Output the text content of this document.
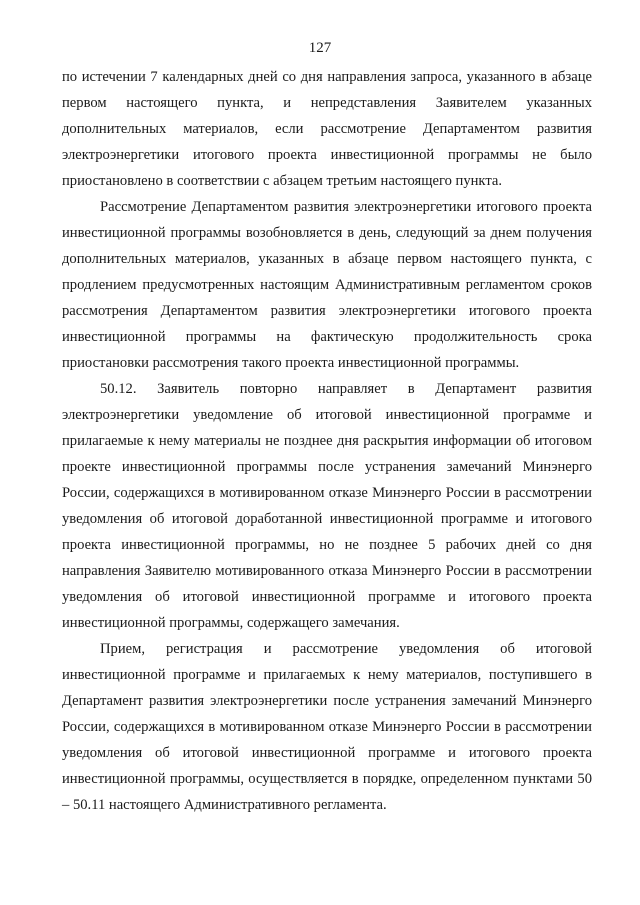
127

по истечении 7 календарных дней со дня направления запроса, указанного в абзаце первом настоящего пункта, и непредставления Заявителем указанных дополнительных материалов, если рассмотрение Департаментом развития электроэнергетики итогового проекта инвестиционной программы не было приостановлено в соответствии с абзацем третьим настоящего пункта.

Рассмотрение Департаментом развития электроэнергетики итогового проекта инвестиционной программы возобновляется в день, следующий за днем получения дополнительных материалов, указанных в абзаце первом настоящего пункта, с продлением предусмотренных настоящим Административным регламентом сроков рассмотрения Департаментом развития электроэнергетики итогового проекта инвестиционной программы на фактическую продолжительность срока приостановки рассмотрения такого проекта инвестиционной программы.

50.12. Заявитель повторно направляет в Департамент развития электроэнергетики уведомление об итоговой инвестиционной программе и прилагаемые к нему материалы не позднее дня раскрытия информации об итоговом проекте инвестиционной программы после устранения замечаний Минэнерго России, содержащихся в мотивированном отказе Минэнерго России в рассмотрении уведомления об итоговой доработанной инвестиционной программе и итогового проекта инвестиционной программы, но не позднее 5 рабочих дней со дня направления Заявителю мотивированного отказа Минэнерго России в рассмотрении уведомления об итоговой инвестиционной программе и итогового проекта инвестиционной программы, содержащего замечания.

Прием, регистрация и рассмотрение уведомления об итоговой инвестиционной программе и прилагаемых к нему материалов, поступившего в Департамент развития электроэнергетики после устранения замечаний Минэнерго России, содержащихся в мотивированном отказе Минэнерго России в рассмотрении уведомления об итоговой инвестиционной программе и итогового проекта инвестиционной программы, осуществляется в порядке, определенном пунктами 50 – 50.11 настоящего Административного регламента.
